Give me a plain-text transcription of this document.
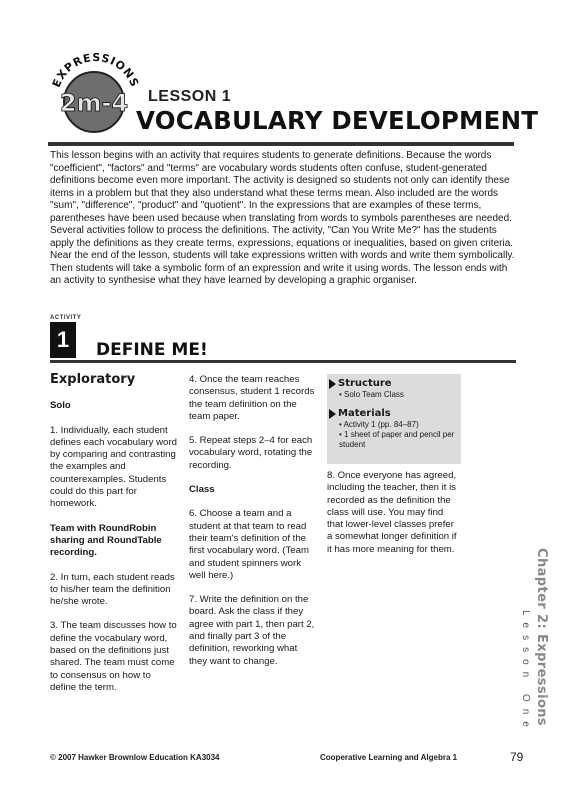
EXPRESSIONS
2m-4 LESSON 1
VOCABULARY DEVELOPMENT

This lesson begins with an activity that requires students to generate definitions. Because the words "coefficient", "factors" and "terms" are vocabulary words students often confuse, student-generated definitions become even more important. The activity is designed so students not only can identify these items in a problem but that they also understand what these terms mean. Also included are the words "sum", "difference", "product" and "quotient". In the expressions that are examples of these terms, parentheses have been used because when translating from words to symbols parentheses are needed. Several activities follow to process the definitions. The activity, "Can You Write Me?" has the students apply the definitions as they create terms, expressions, equations or inequalities, based on given criteria. Near the end of the lesson, students will take expressions written with words and write them symbolically. Then students will take a symbolic form of an expression and write it using words. The lesson ends with an activity to synthesise what they have learned by developing a graphic organiser.

ACTIVITY
1	DEFINE ME!

Exploratory

Solo

1. Individually, each student defines each vocabulary word by comparing and contrasting the examples and counterexamples. Students could do this part for homework.

Team with RoundRobin sharing and RoundTable recording.

2. In turn, each student reads to his/her team the definition he/she wrote.

3. The team discusses how to define the vocabulary word, based on the definitions just shared. The team must come to consensus on how to define the term.

4. Once the team reaches consensus, student 1 records the team definition on the team paper.

5. Repeat steps 2–4 for each vocabulary word, rotating the recording.

Class

6. Choose a team and a student at that team to read their team's definition of the first vocabulary word. (Team and student spinners work well here.)

7. Write the definition on the board. Ask the class if they agree with part 1, then part 2, and finally part 3 of the definition, reworking what they want to change.

Structure
• Solo Team Class
Materials
• Activity 1 (pp. 84–87)
• 1 sheet of paper and pencil per student

8. Once everyone has agreed, including the teacher, then it is recorded as the definition the class will use. You may find that lower-level classes prefer a somewhat longer definition if it has more meaning for them.	Chapter 2: Expressions
Lesson One
© 2007 Hawker Brownlow Education KA3034	Cooperative Learning and Algebra 1	79
